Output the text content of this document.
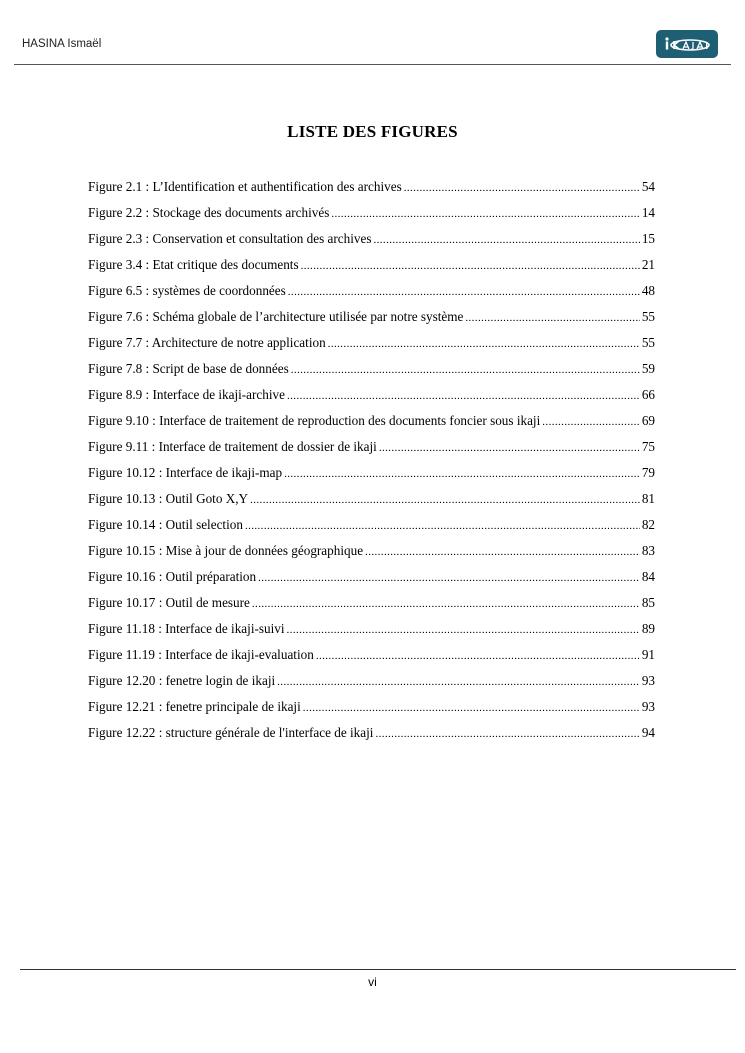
HASINA Ismaël
LISTE DES FIGURES
Figure 2.1 : L’Identification et authentification des archives .....	54
Figure 2.2 : Stockage des documents archivés .....	14
Figure 2.3 : Conservation et consultation des archives .....	15
Figure 3.4 : Etat critique des documents .....	21
Figure 6.5 : systèmes de coordonnées .....	48
Figure 7.6 : Schéma globale de l’architecture utilisée par notre système .....	55
Figure 7.7 : Architecture de notre application .....	55
Figure 7.8 : Script de base de données .....	59
Figure 8.9 : Interface de ikaji-archive .....	66
Figure 9.10 : Interface de traitement de reproduction des documents foncier sous ikaji .....	69
Figure 9.11 : Interface de traitement de dossier de ikaji .....	75
Figure 10.12 : Interface de ikaji-map .....	79
Figure 10.13 : Outil Goto X,Y .....	81
Figure 10.14 : Outil selection .....	82
Figure 10.15 : Mise à jour de données géographique .....	83
Figure 10.16 : Outil préparation .....	84
Figure 10.17 : Outil de mesure .....	85
Figure 11.18 : Interface de ikaji-suivi .....	89
Figure 11.19 : Interface de ikaji-evaluation .....	91
Figure 12.20 : fenetre login de ikaji .....	93
Figure 12.21 : fenetre principale de ikaji .....	93
Figure 12.22 : structure générale de l'interface de ikaji .....	94
vi
